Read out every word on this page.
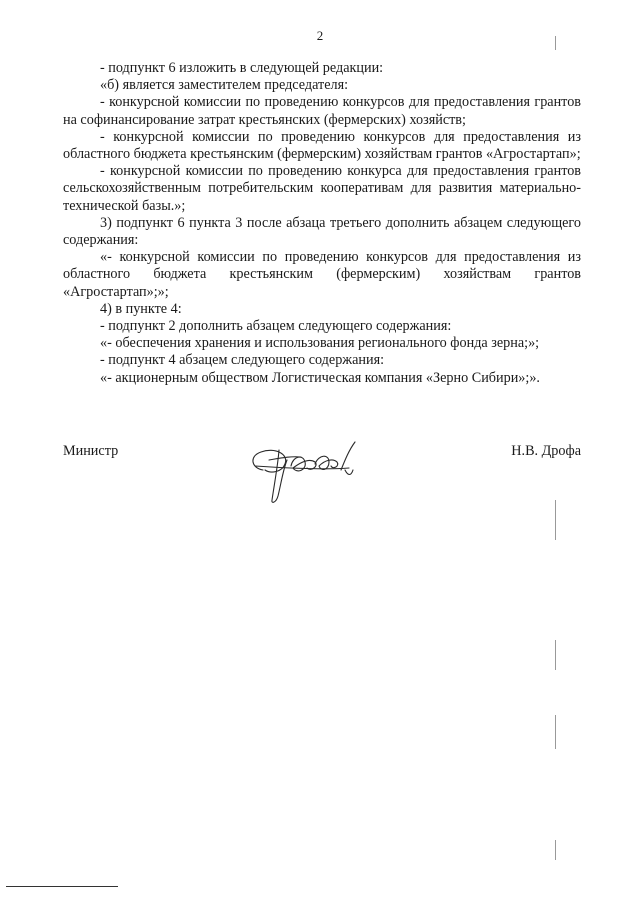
2

- подпункт 6 изложить в следующей редакции:

«б) является заместителем председателя:

- конкурсной комиссии по проведению конкурсов для предоставления грантов на софинансирование затрат крестьянских (фермерских) хозяйств;

- конкурсной комиссии по проведению конкурсов для предоставления из областного бюджета крестьянским (фермерским) хозяйствам грантов «Агростартап»;

- конкурсной комиссии по проведению конкурса для предоставления грантов сельскохозяйственным потребительским кооперативам для развития материально-технической базы.»;

3) подпункт 6 пункта 3 после абзаца третьего дополнить абзацем следующего содержания:

«- конкурсной комиссии по проведению конкурсов для предоставления из областного бюджета крестьянским (фермерским) хозяйствам грантов «Агростартап»;»;

4) в пункте 4:

- подпункт 2 дополнить абзацем следующего содержания:

«- обеспечения хранения и использования регионального фонда зерна;»;

- подпункт 4 абзацем следующего содержания:

«- акционерным обществом Логистическая компания «Зерно Сибири»;».

Министр	Н.В. Дрофа
